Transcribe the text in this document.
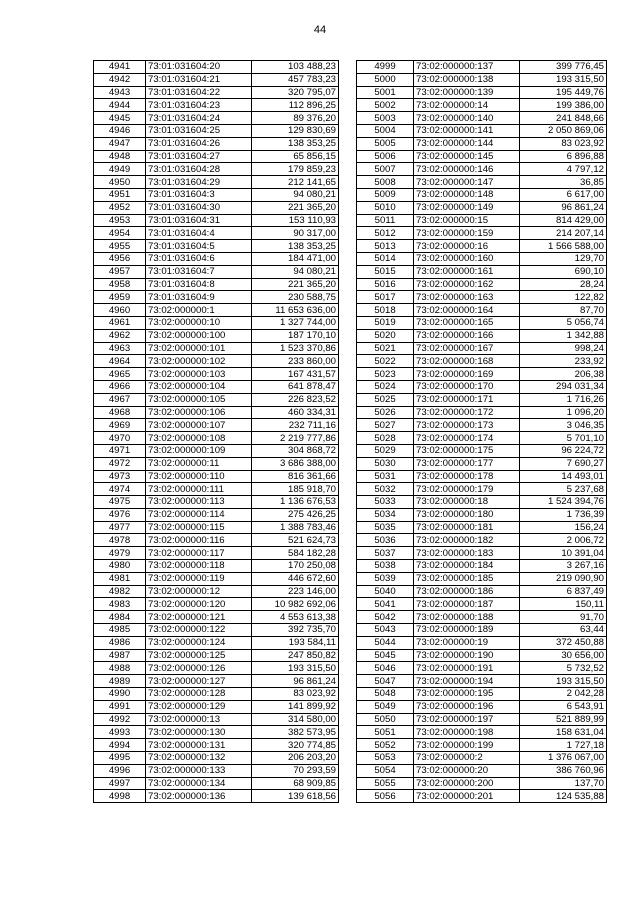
44
4941	73:01:031604:20	103 488,23
4942	73:01:031604:21	457 783,23
4943	73:01:031604:22	320 795,07
4944	73:01:031604:23	112 896,25
4945	73:01:031604:24	89 376,20
4946	73:01:031604:25	129 830,69
4947	73:01:031604:26	138 353,25
4948	73:01:031604:27	65 856,15
4949	73:01:031604:28	179 859,23
4950	73:01:031604:29	212 141,65
4951	73:01:031604:3	94 080,21
4952	73:01:031604:30	221 365,20
4953	73:01:031604:31	153 110,93
4954	73:01:031604:4	90 317,00
4955	73:01:031604:5	138 353,25
4956	73:01:031604:6	184 471,00
4957	73:01:031604:7	94 080,21
4958	73:01:031604:8	221 365,20
4959	73:01:031604:9	230 588,75
4960	73:02:000000:1	11 653 636,00
4961	73:02:000000:10	1 327 744,00
4962	73:02:000000:100	187 170,10
4963	73:02:000000:101	1 523 370,86
4964	73:02:000000:102	233 860,00
4965	73:02:000000:103	167 431,57
4966	73:02:000000:104	641 878,47
4967	73:02:000000:105	226 823,52
4968	73:02:000000:106	460 334,31
4969	73:02:000000:107	232 711,16
4970	73:02:000000:108	2 219 777,86
4971	73:02:000000:109	304 868,72
4972	73:02:000000:11	3 686 388,00
4973	73:02:000000:110	816 361,66
4974	73:02:000000:111	185 918,70
4975	73:02:000000:113	1 136 676,53
4976	73:02:000000:114	275 426,25
4977	73:02:000000:115	1 388 783,46
4978	73:02:000000:116	521 624,73
4979	73:02:000000:117	584 182,28
4980	73:02:000000:118	170 250,08
4981	73:02:000000:119	446 672,60
4982	73:02:000000:12	223 146,00
4983	73:02:000000:120	10 982 692,06
4984	73:02:000000:121	4 553 613,38
4985	73:02:000000:122	392 735,70
4986	73:02:000000:124	193 584,11
4987	73:02:000000:125	247 850,82
4988	73:02:000000:126	193 315,50
4989	73:02:000000:127	96 861,24
4990	73:02:000000:128	83 023,92
4991	73:02:000000:129	141 899,92
4992	73:02:000000:13	314 580,00
4993	73:02:000000:130	382 573,95
4994	73:02:000000:131	320 774,85
4995	73:02:000000:132	206 203,20
4996	73:02:000000:133	70 293,59
4997	73:02:000000:134	68 909,85
4998	73:02:000000:136	139 618,56
4999	73:02:000000:137	399 776,45
5000	73:02:000000:138	193 315,50
5001	73:02:000000:139	195 449,76
5002	73:02:000000:14	199 386,00
5003	73:02:000000:140	241 848,66
5004	73:02:000000:141	2 050 869,06
5005	73:02:000000:144	83 023,92
5006	73:02:000000:145	6 896,88
5007	73:02:000000:146	4 797,12
5008	73:02:000000:147	36,85
5009	73:02:000000:148	6 617,00
5010	73:02:000000:149	96 861,24
5011	73:02:000000:15	814 429,00
5012	73:02:000000:159	214 207,14
5013	73:02:000000:16	1 566 588,00
5014	73:02:000000:160	129,70
5015	73:02:000000:161	690,10
5016	73:02:000000:162	28,24
5017	73:02:000000:163	122,82
5018	73:02:000000:164	87,70
5019	73:02:000000:165	5 056,74
5020	73:02:000000:166	1 342,88
5021	73:02:000000:167	998,24
5022	73:02:000000:168	233,92
5023	73:02:000000:169	206,38
5024	73:02:000000:170	294 031,34
5025	73:02:000000:171	1 716,26
5026	73:02:000000:172	1 096,20
5027	73:02:000000:173	3 046,35
5028	73:02:000000:174	5 701,10
5029	73:02:000000:175	96 224,72
5030	73:02:000000:177	7 690,27
5031	73:02:000000:178	14 493,01
5032	73:02:000000:179	5 237,68
5033	73:02:000000:18	1 524 394,76
5034	73:02:000000:180	1 736,39
5035	73:02:000000:181	156,24
5036	73:02:000000:182	2 006,72
5037	73:02:000000:183	10 391,04
5038	73:02:000000:184	3 267,16
5039	73:02:000000:185	219 090,90
5040	73:02:000000:186	6 837,49
5041	73:02:000000:187	150,11
5042	73:02:000000:188	91,70
5043	73:02:000000:189	63,44
5044	73:02:000000:19	372 450,88
5045	73:02:000000:190	30 656,00
5046	73:02:000000:191	5 732,52
5047	73:02:000000:194	193 315,50
5048	73:02:000000:195	2 042,28
5049	73:02:000000:196	6 543,91
5050	73:02:000000:197	521 889,99
5051	73:02:000000:198	158 631,04
5052	73:02:000000:199	1 727,18
5053	73:02:000000:2	1 376 067,00
5054	73:02:000000:20	386 760,96
5055	73:02:000000:200	137,70
5056	73:02:000000:201	124 535,88
